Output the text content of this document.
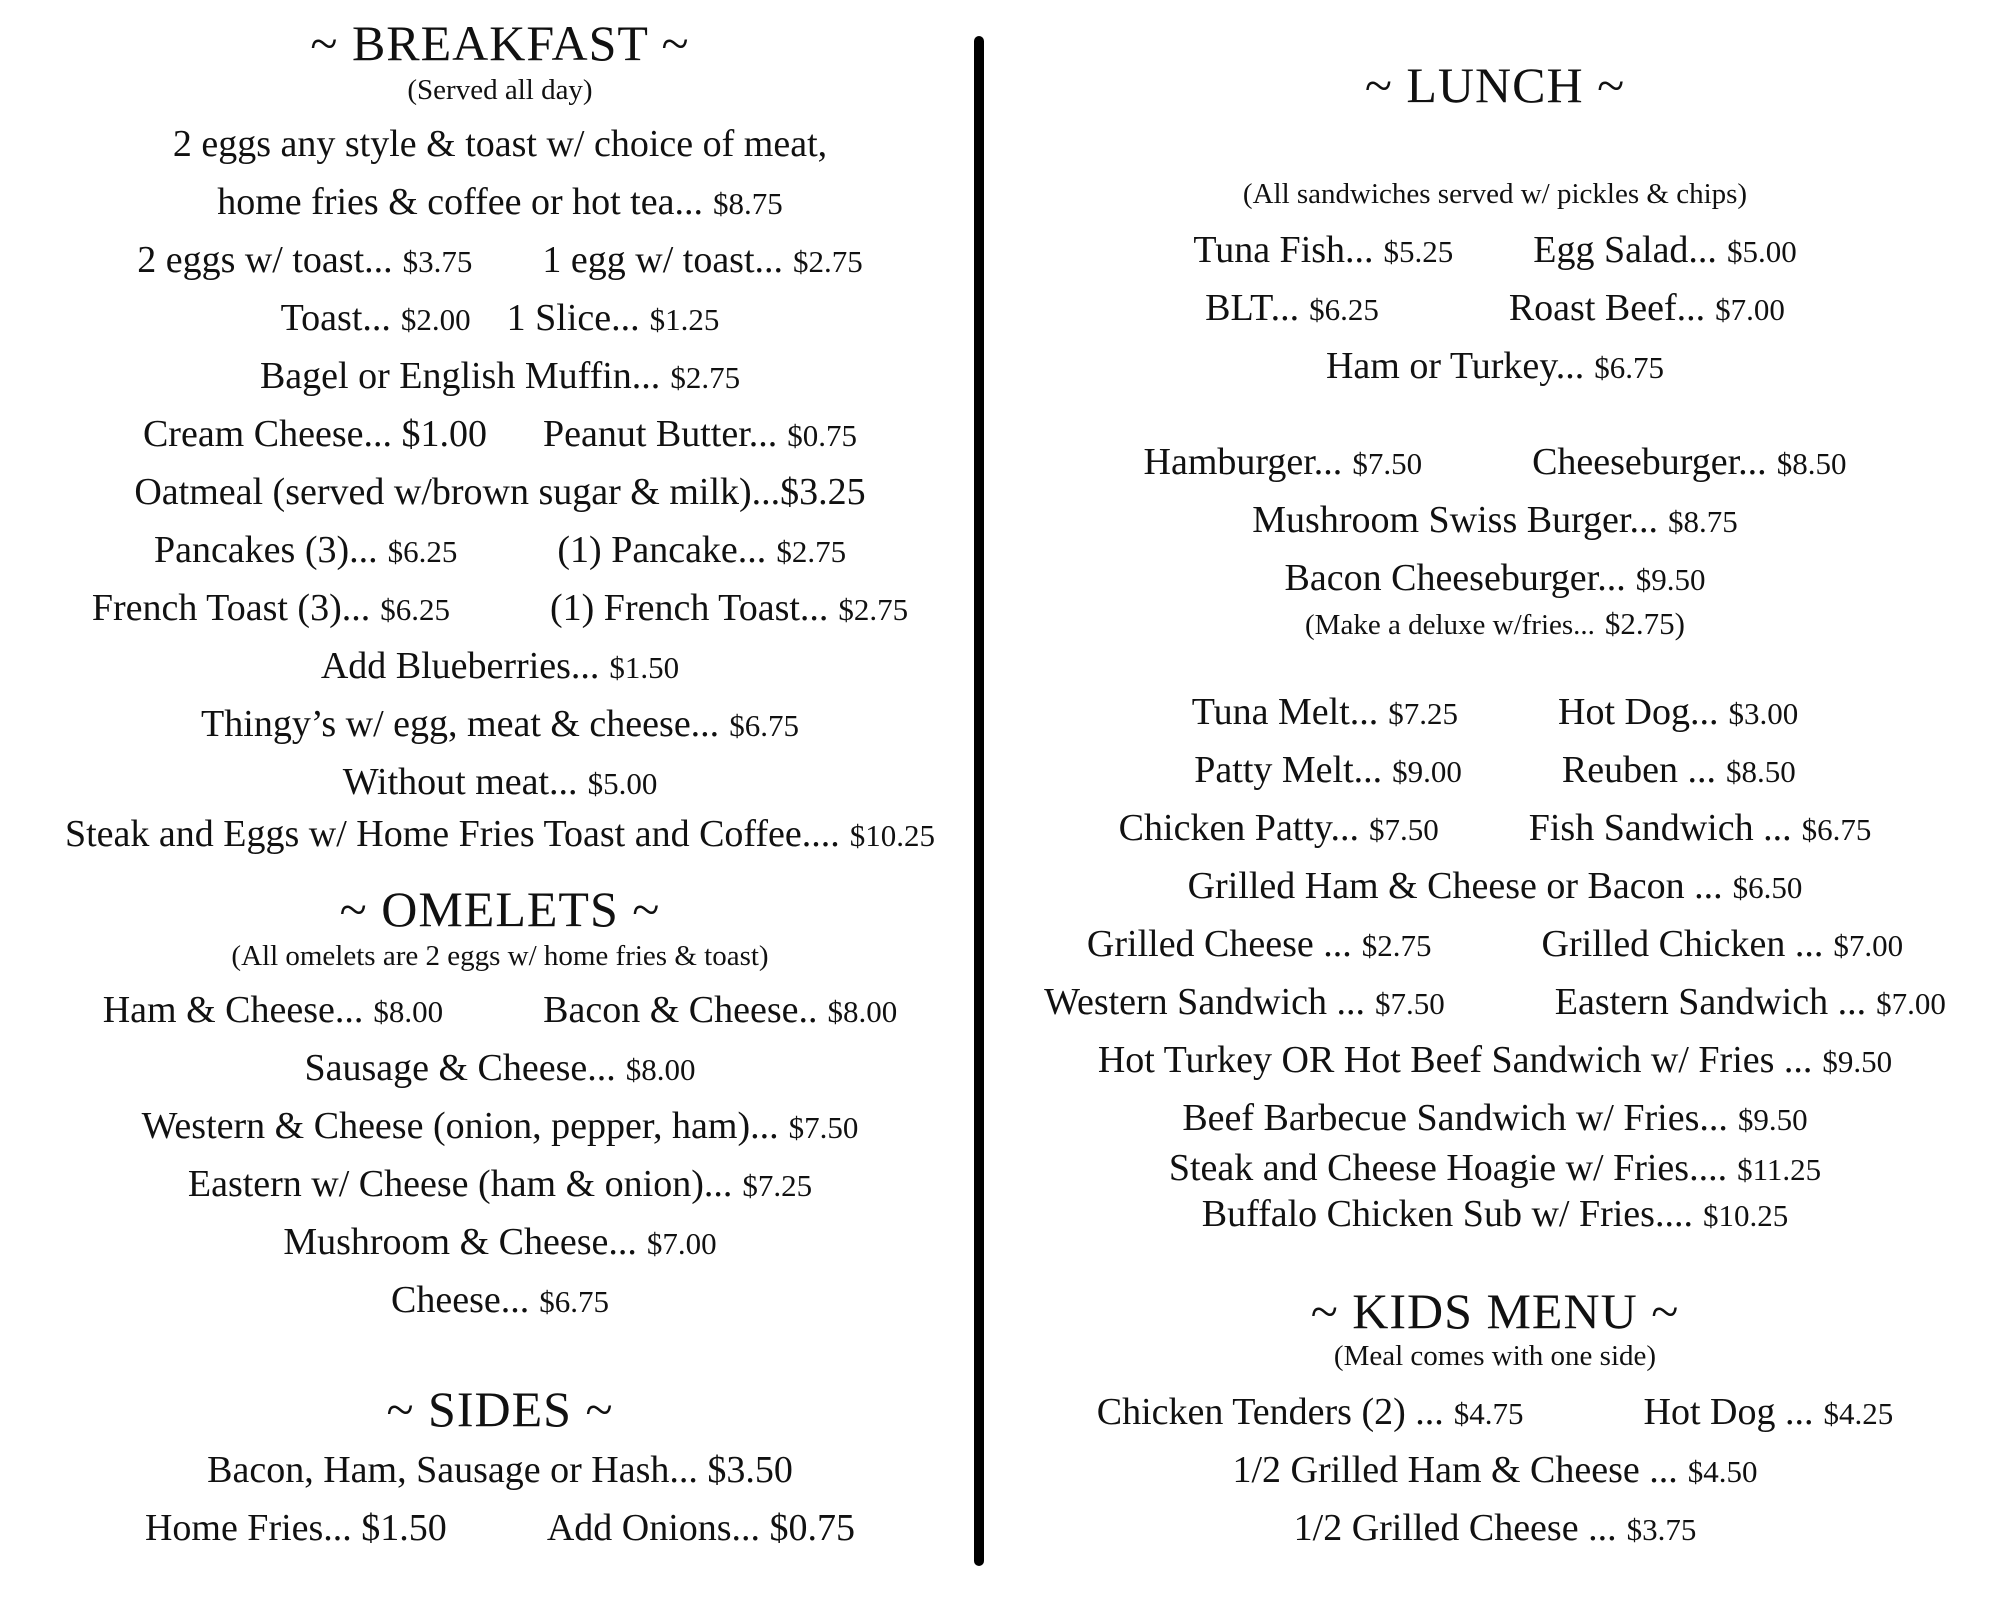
~ BREAKFAST ~
(Served all day)
2 eggs any style & toast w/ choice of meat,
home fries & coffee or hot tea... $8.75
2 eggs w/ toast... $3.75 1 egg w/ toast... $2.75
Toast... $2.00 1 Slice... $1.25
Bagel or English Muffin... $2.75
Cream Cheese... $1.00 Peanut Butter... $0.75
Oatmeal (served w/brown sugar & milk)...$3.25
Pancakes (3)... $6.25	(1) Pancake... $2.75
French Toast (3)... $6.25	(1) French Toast... $2.75
Add Blueberries... $1.50
Thingy’s w/ egg, meat & cheese... $6.75
Without meat... $5.00
Steak and Eggs w/ Home Fries Toast and Coffee.... $10.25
~ OMELETS ~
(All omelets are 2 eggs w/ home fries & toast)
Ham & Cheese... $8.00	Bacon & Cheese.. $8.00
Sausage & Cheese... $8.00
Western & Cheese (onion, pepper, ham)... $7.50
Eastern w/ Cheese (ham & onion)... $7.25
Mushroom & Cheese... $7.00
Cheese... $6.75
~ SIDES ~
Bacon, Ham, Sausage or Hash... $3.50
Home Fries... $1.50	Add Onions... $0.75
~ LUNCH ~
(All sandwiches served w/ pickles & chips)
Tuna Fish... $5.25 Egg Salad... $5.00
BLT... $6.25	Roast Beef... $7.00
Ham or Turkey... $6.75
Hamburger... $7.50	Cheeseburger... $8.50
Mushroom Swiss Burger... $8.75
Bacon Cheeseburger... $9.50
(Make a deluxe w/fries... $2.75)
Tuna Melt... $7.25	Hot Dog... $3.00
Patty Melt... $9.00	Reuben ... $8.50
Chicken Patty... $7.50 Fish Sandwich ... $6.75
Grilled Ham & Cheese or Bacon ... $6.50
Grilled Cheese ... $2.75	Grilled Chicken ... $7.00
Western Sandwich ... $7.50	Eastern Sandwich ... $7.00
Hot Turkey OR Hot Beef Sandwich w/ Fries ... $9.50
Beef Barbecue Sandwich w/ Fries... $9.50
Steak and Cheese Hoagie w/ Fries.... $11.25
Buffalo Chicken Sub w/ Fries.... $10.25
~ KIDS MENU ~
(Meal comes with one side)
Chicken Tenders (2) ... $4.75	Hot Dog ... $4.25
1/2 Grilled Ham & Cheese ... $4.50
1/2 Grilled Cheese ... $3.75
